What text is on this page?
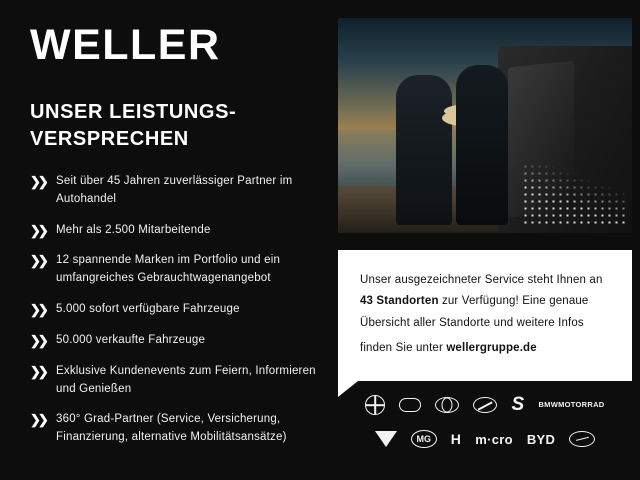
WELLER
UNSER LEISTUNGS-
VERSPRECHEN
❯❯ Seit über 45 Jahren zuverlässiger Partner im Autohandel
❯❯ Mehr als 2.500 Mitarbeitende
❯❯ 12 spannende Marken im Portfolio und ein umfangreiches Gebrauchtwagenangebot
❯❯ 5.000 sofort verfügbare Fahrzeuge
❯❯ 50.000 verkaufte Fahrzeuge
❯❯ Exklusive Kundenevents zum Feiern, Informieren und Genießen
❯❯ 360° Grad-Partner (Service, Versicherung, Finanzierung, alternative Mobilitätsansätze)
Unser ausgezeichneter Service steht Ihnen an 43 Standorten zur Verfügung! Eine genaue Übersicht aller Standorte und weitere Infos finden Sie unter wellergruppe.de
S BMW MOTORRAD
MG	H m·cro BYD
